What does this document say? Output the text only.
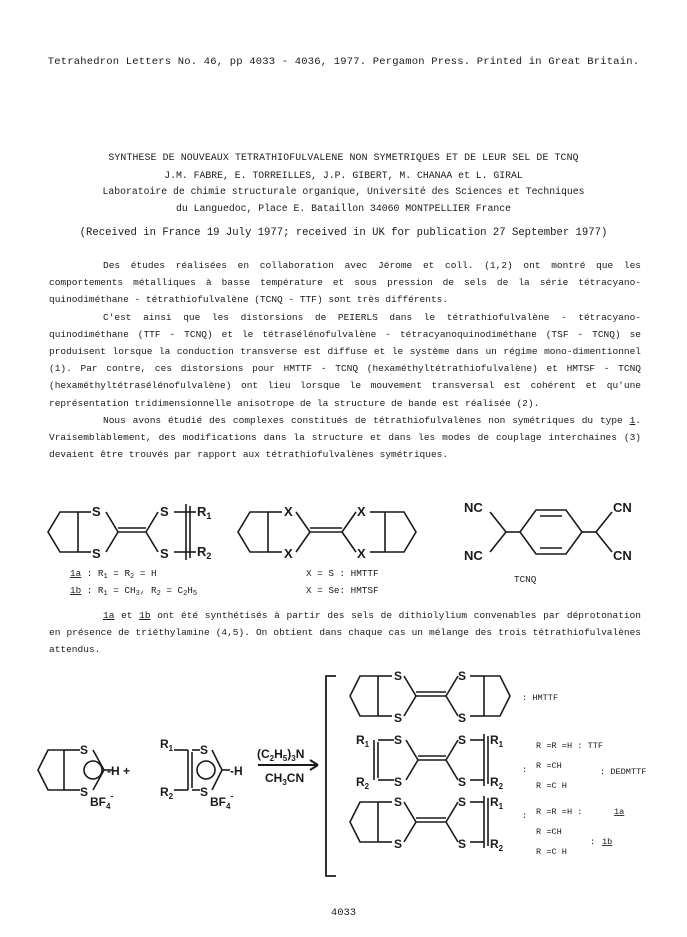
Tetrahedron Letters No. 46, pp 4033 - 4036, 1977. Pergamon Press. Printed in Great Britain.
SYNTHESE DE NOUVEAUX TETRATHIOFULVALENE NON SYMETRIQUES ET DE LEUR SEL DE TCNQ
J.M. FABRE, E. TORREILLES, J.P. GIBERT, M. CHANAA et L. GIRAL
Laboratoire de chimie structurale organique, Université des Sciences et Techniques
du Languedoc, Place E. Bataillon 34060 MONTPELLIER France
(Received in France 19 July 1977; received in UK for publication 27 September 1977)

Des études réalisées en collaboration avec Jérome et coll. (1,2) ont montré que les comportements métalliques à basse température et sous pression de sels de la série tétracyano-quinodiméthane - tétrathiofulvalène (TCNQ - TTF) sont très différents.

C'est ainsi que les distorsions de PEIERLS dans le tétrathiofulvalène - tétracyano-quinodiméthane (TTF - TCNQ) et le tétrasélénofulvalène - tétracyanoquinodiméthane (TSF - TCNQ) se produisent lorsque la conduction transverse est diffuse et le système dans un régime mono-dimentionnel (1). Par contre, ces distorsions pour HMTTF - TCNQ (hexaméthyltétrathiofulvalène) et HMTSF - TCNQ (hexaméthyltétrasélénofulvalène) ont lieu lorsque le mouvement transversal est cohérent et qu'une représentation tridimensionnelle anisotrope de la structure de bande est réalisée (2).

Nous avons étudié des complexes constitués de tétrathiofulvalènes non symétriques du type 1. Vraisemblablement, des modifications dans la structure et dans les modes de couplage interchaines (3) devaient être trouvés par rapport aux tétrathiofulvalènes symétriques.

S
S
S
S
$R_1$
$R_2$
X
X
X
X
NC
NC
CN
CN
1a : $R_1 = R_2 = H$
1b : $R_1 = CH_3$, $R_2 = C_2H_5$
X = S : HMTTF
X = Se: HMTSF
TCNQ

1a et 1b ont été synthétisés à partir des sels de dithiolylium convenables par déprotonation en présence de triéthylamine (4,5). On obtient dans chaque cas un mélange des trois tétrathiofulvalènes attendus.

S
S
S
S
-H +	-H
$BF_4^-$	$BF_4^-$
$R_1$
$R_2$
$(C_2H_5)_3N$
$CH_3CN$
S
S
S
S
S
S
S
S
$R_1$
$R_2$
$R_1$
$R_2$
S
S
S
S
$R_1$
$R_2$
: HMTTF
:
R =R =H : TTF
R =CH
: DEDMTTF
R =C H
: R =R =H :	1a
R =CH
: 1b
R =C H
4033
